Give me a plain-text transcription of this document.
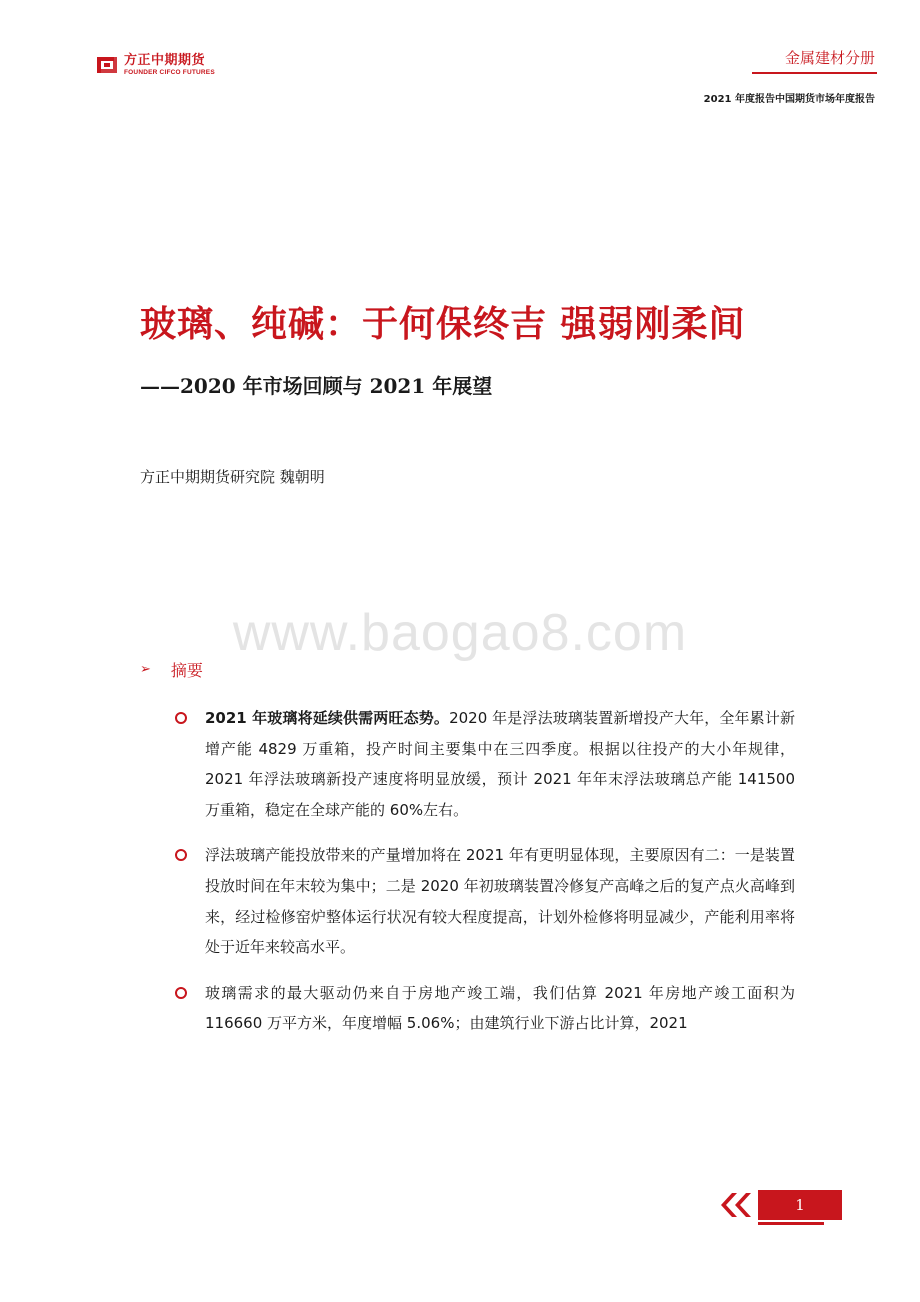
方正中期期货
FOUNDER CIFCO FUTURES
金属建材分册
2021 年度报告中国期货市场年度报告
玻璃、纯碱：于何保终吉 强弱刚柔间
——2020 年市场回顾与 2021 年展望
方正中期期货研究院 魏朝明
www.baogao8.com
➢ 摘要
2021 年玻璃将延续供需两旺态势。2020 年是浮法玻璃装置新增投产大年，全年累计新增产能 4829 万重箱，投产时间主要集中在三四季度。根据以往投产的大小年规律，2021 年浮法玻璃新投产速度将明显放缓，预计 2021 年年末浮法玻璃总产能 141500 万重箱，稳定在全球产能的 60%左右。
浮法玻璃产能投放带来的产量增加将在 2021 年有更明显体现，主要原因有二：一是装置投放时间在年末较为集中；二是 2020 年初玻璃装置冷修复产高峰之后的复产点火高峰到来，经过检修窑炉整体运行状况有较大程度提高，计划外检修将明显减少，产能利用率将处于近年来较高水平。
玻璃需求的最大驱动仍来自于房地产竣工端，我们估算 2021 年房地产竣工面积为 116660 万平方米，年度增幅 5.06%；由建筑行业下游占比计算，2021
1
